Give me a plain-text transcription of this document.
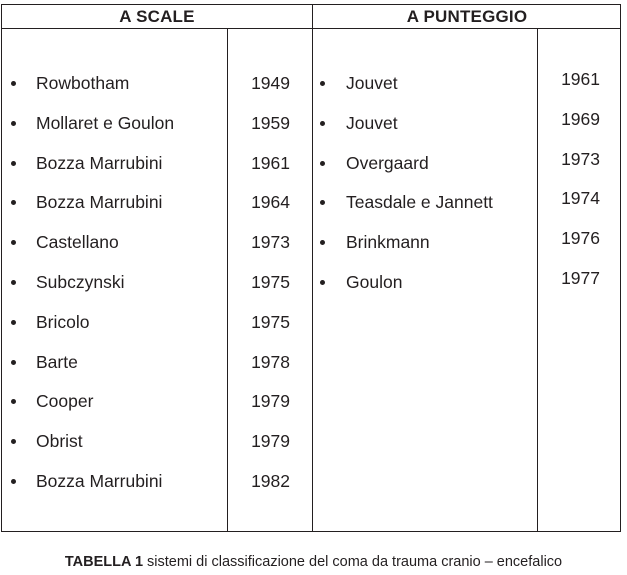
A SCALE	A PUNTEGGIO
Rowbotham	1949
Mollaret e Goulon	1959
Bozza Marrubini	1961
Bozza Marrubini	1964
Castellano	1973
Subczynski	1975
Bricolo	1975
Barte	1978
Cooper	1979
Obrist	1979
Bozza Marrubini	1982
Jouvet	1961
Jouvet	1969
Overgaard	1973
Teasdale e Jannett	1974
Brinkmann	1976
Goulon	1977
TABELLA 1 sistemi di classificazione del coma da trauma cranio – encefalico
